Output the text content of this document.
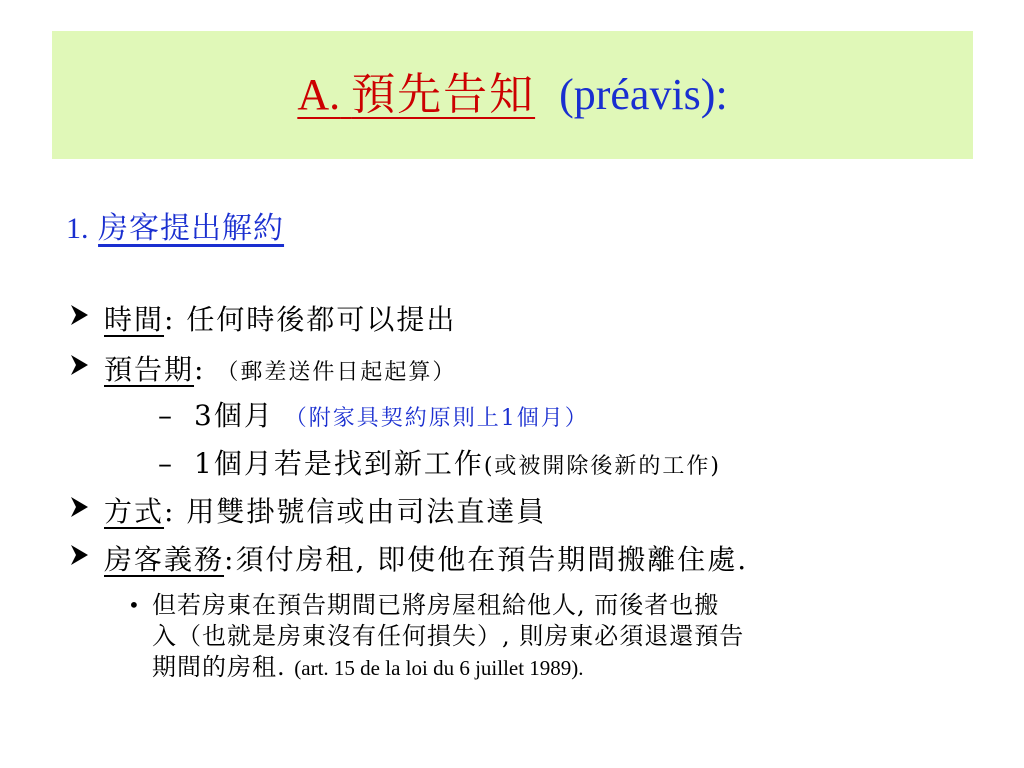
A. 預先告知 (préavis):
1. 房客提出解約
時間: 任何時後都可以提出
預告期: （郵差送件日起起算）
– 3個月 （附家具契約原則上1個月）
– 1個月若是找到新工作(或被開除後新的工作)
方式: 用雙掛號信或由司法直達員
房客義務:須付房租, 即使他在預告期間搬離住處.
• 但若房東在預告期間已將房屋租給他人, 而後者也搬
入（也就是房東沒有任何損失）, 則房東必須退還預告
期間的房租. (art. 15 de la loi du 6 juillet 1989).
